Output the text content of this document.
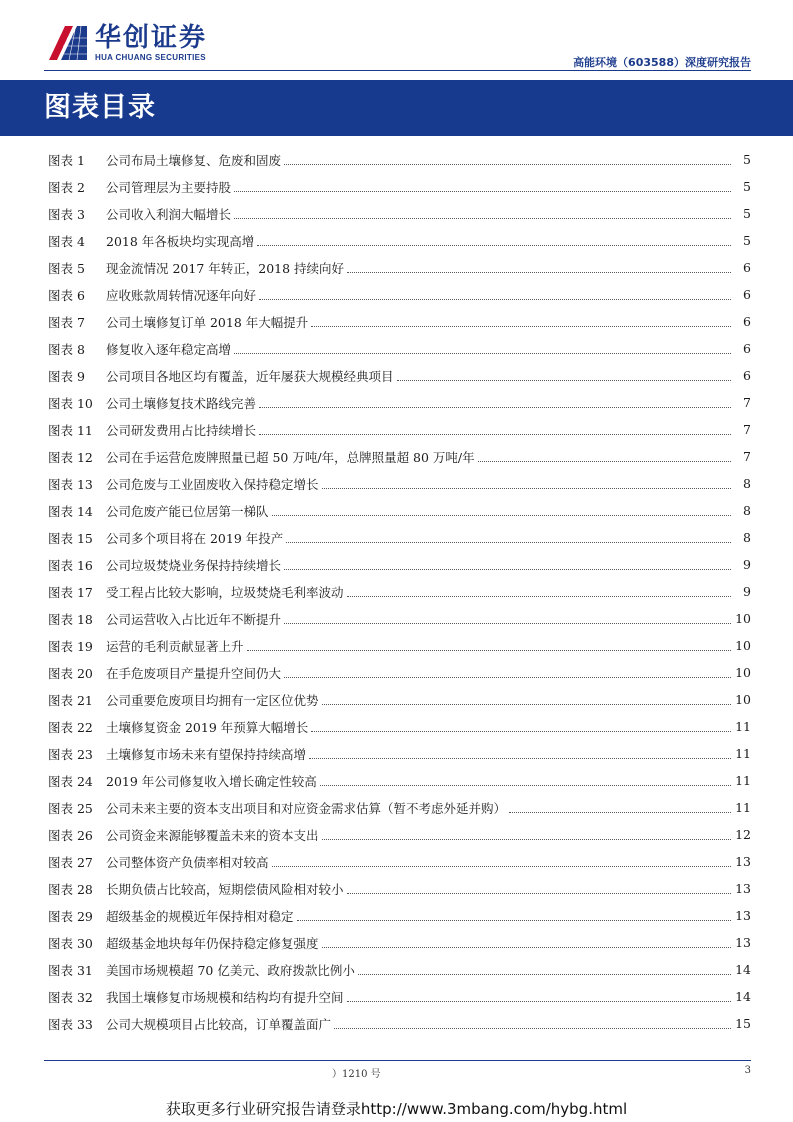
华创证券
HUA CHUANG SECURITIES	高能环境（603588）深度研究报告
图表目录
图表 1	公司布局土壤修复、危废和固废	5
图表 2	公司管理层为主要持股	5
图表 3	公司收入利润大幅增长	5
图表 4	2018 年各板块均实现高增	5
图表 5	现金流情况 2017 年转正，2018 持续向好	6
图表 6	应收账款周转情况逐年向好	6
图表 7	公司土壤修复订单 2018 年大幅提升	6
图表 8	修复收入逐年稳定高增	6
图表 9	公司项目各地区均有覆盖，近年屡获大规模经典项目	6
图表 10	公司土壤修复技术路线完善	7
图表 11	公司研发费用占比持续增长	7
图表 12	公司在手运营危废牌照量已超 50 万吨/年，总牌照量超 80 万吨/年	7
图表 13	公司危废与工业固废收入保持稳定增长	8
图表 14	公司危废产能已位居第一梯队	8
图表 15	公司多个项目将在 2019 年投产	8
图表 16	公司垃圾焚烧业务保持持续增长	9
图表 17	受工程占比较大影响，垃圾焚烧毛利率波动	9
图表 18	公司运营收入占比近年不断提升	10
图表 19	运营的毛利贡献显著上升	10
图表 20	在手危废项目产量提升空间仍大	10
图表 21	公司重要危废项目均拥有一定区位优势	10
图表 22	土壤修复资金 2019 年预算大幅增长	11
图表 23	土壤修复市场未来有望保持持续高增	11
图表 24	2019 年公司修复收入增长确定性较高	11
图表 25	公司未来主要的资本支出项目和对应资金需求估算（暂不考虑外延并购）	11
图表 26	公司资金来源能够覆盖未来的资本支出	12
图表 27	公司整体资产负债率相对较高	13
图表 28	长期负债占比较高，短期偿债风险相对较小	13
图表 29	超级基金的规模近年保持相对稳定	13
图表 30	超级基金地块每年仍保持稳定修复强度	13
图表 31	美国市场规模超 70 亿美元、政府拨款比例小	14
图表 32	我国土壤修复市场规模和结构均有提升空间	14
图表 33	公司大规模项目占比较高，订单覆盖面广	15
）1210 号	3
获取更多行业研究报告请登录http://www.3mbang.com/hybg.html
